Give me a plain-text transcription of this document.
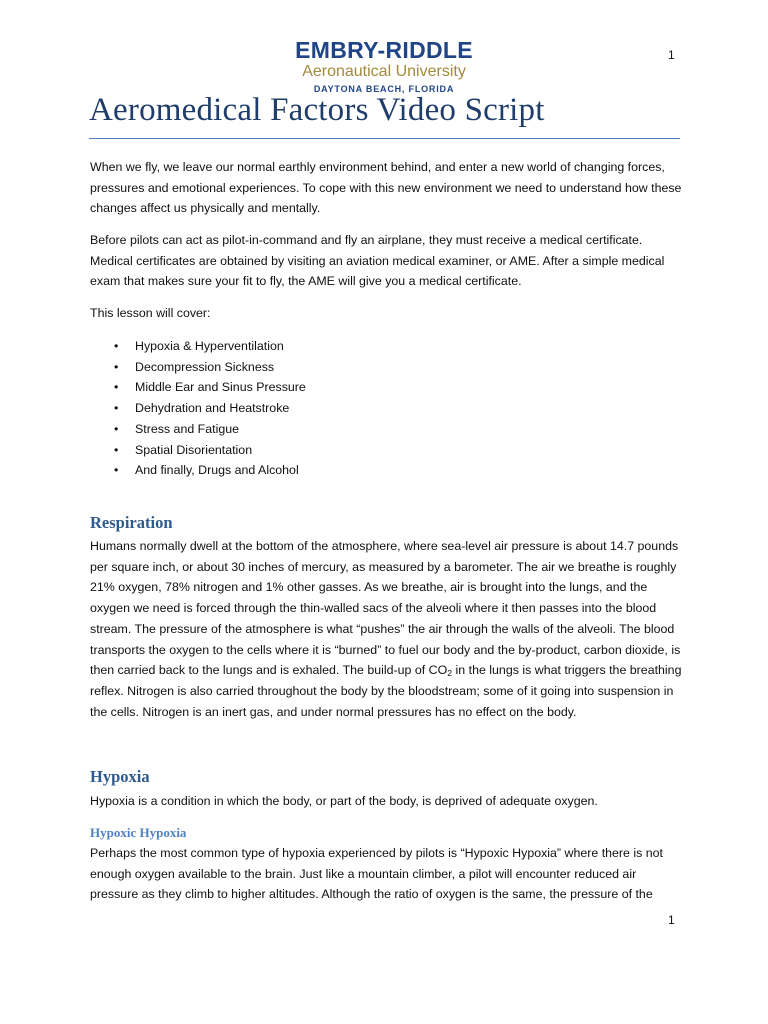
EMBRY-RIDDLE
Aeronautical University
DAYTONA BEACH, FLORIDA
1
Aeromedical Factors Video Script

When we fly, we leave our normal earthly environment behind, and enter a new world of changing forces, pressures and emotional experiences. To cope with this new environment we need to understand how these changes affect us physically and mentally.

Before pilots can act as pilot-in-command and fly an airplane, they must receive a medical certificate. Medical certificates are obtained by visiting an aviation medical examiner, or AME. After a simple medical exam that makes sure your fit to fly, the AME will give you a medical certificate.

This lesson will cover:

• Hypoxia & Hyperventilation
• Decompression Sickness
• Middle Ear and Sinus Pressure
• Dehydration and Heatstroke
• Stress and Fatigue
• Spatial Disorientation
• And finally, Drugs and Alcohol
Respiration

Humans normally dwell at the bottom of the atmosphere, where sea-level air pressure is about 14.7 pounds per square inch, or about 30 inches of mercury, as measured by a barometer. The air we breathe is roughly 21% oxygen, 78% nitrogen and 1% other gasses. As we breathe, air is brought into the lungs, and the oxygen we need is forced through the thin-walled sacs of the alveoli where it then passes into the blood stream. The pressure of the atmosphere is what “pushes” the air through the walls of the alveoli. The blood transports the oxygen to the cells where it is “burned” to fuel our body and the by-product, carbon dioxide, is then carried back to the lungs and is exhaled. The build-up of $CO_2$ in the lungs is what triggers the breathing reflex. Nitrogen is also carried throughout the body by the bloodstream; some of it going into suspension in the cells. Nitrogen is an inert gas, and under normal pressures has no effect on the body.

Hypoxia

Hypoxia is a condition in which the body, or part of the body, is deprived of adequate oxygen.

Hypoxic Hypoxia

Perhaps the most common type of hypoxia experienced by pilots is “Hypoxic Hypoxia” where there is not enough oxygen available to the brain. Just like a mountain climber, a pilot will encounter reduced air pressure as they climb to higher altitudes. Although the ratio of oxygen is the same, the pressure of the

1
